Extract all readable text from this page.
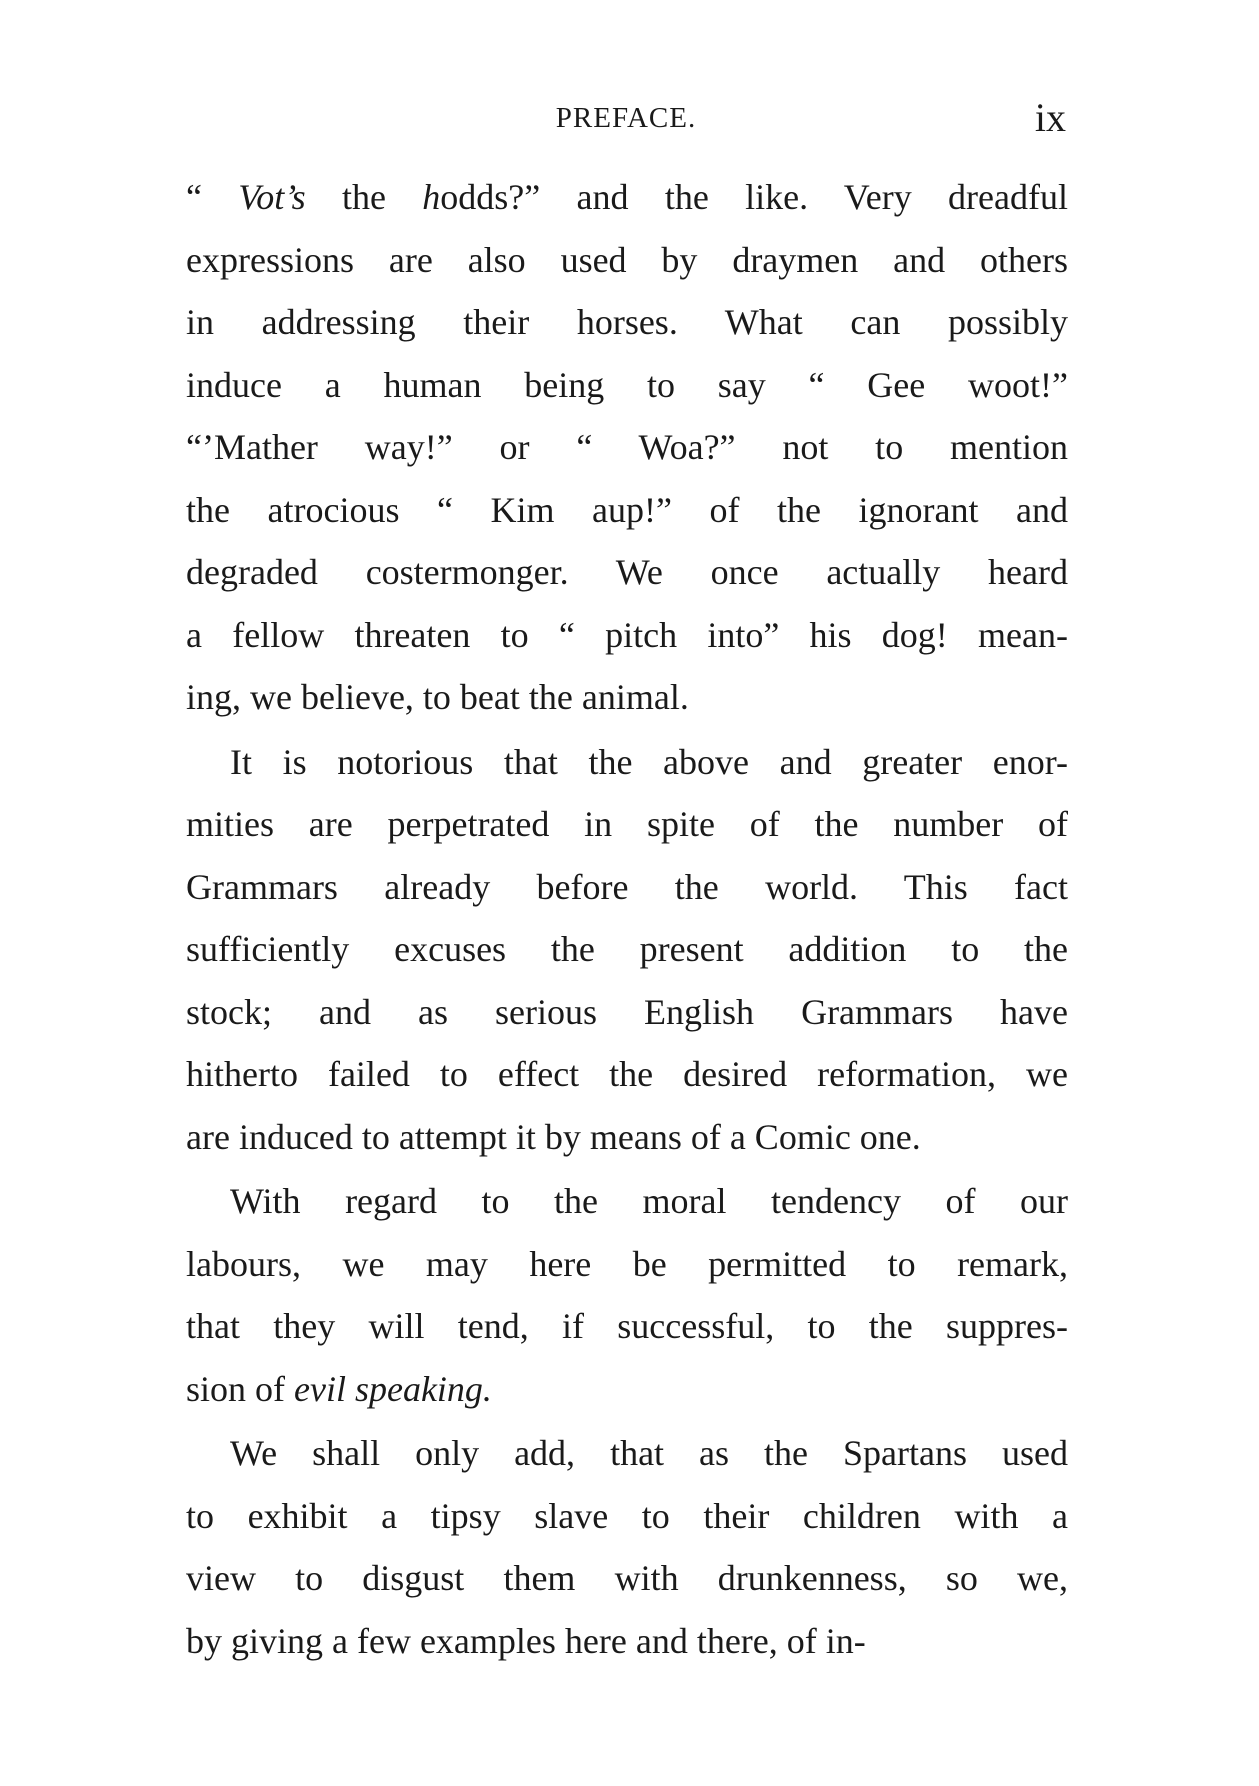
PREFACE.	ix
“ Vot’s the hodds?” and the like. Very dreadful
expressions are also used by draymen and others
in addressing their horses. What can possibly
induce a human being to say “ Gee woot!”
“’Mather way!” or “ Woa?” not to mention
the atrocious “ Kim aup!” of the ignorant and
degraded costermonger. We once actually heard
a fellow threaten to “ pitch into” his dog! mean-
ing, we believe, to beat the animal.
It is notorious that the above and greater enor-
mities are perpetrated in spite of the number of
Grammars already before the world. This fact
sufficiently excuses the present addition to the
stock; and as serious English Grammars have
hitherto failed to effect the desired reformation, we
are induced to attempt it by means of a Comic one.
With regard to the moral tendency of our
labours, we may here be permitted to remark,
that they will tend, if successful, to the suppres-
sion of evil speaking.
We shall only add, that as the Spartans used
to exhibit a tipsy slave to their children with a
view to disgust them with drunkenness, so we,
by giving a few examples here and there, of in-
